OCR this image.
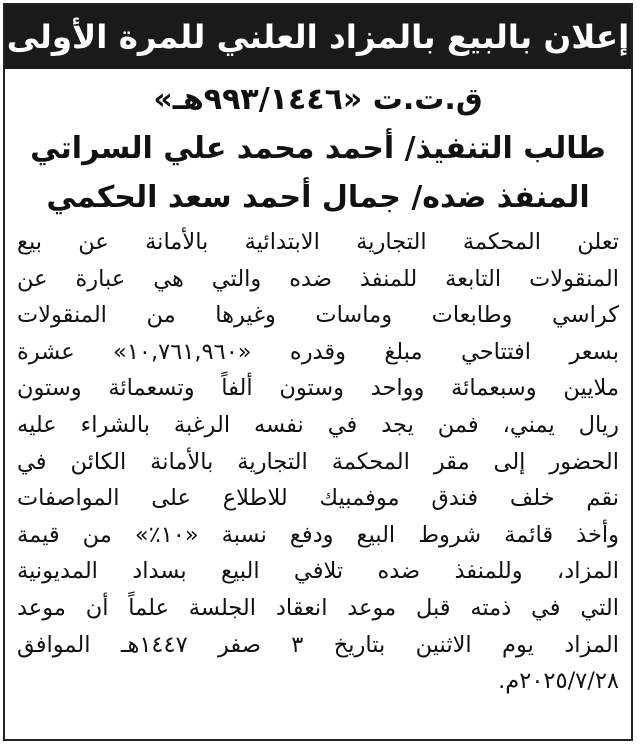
إعلان بالبيع بالمزاد العلني للمرة الأولى
ق.ت.ت «٩٩٣/١٤٤٦هـ»
طالب التنفيذ/ أحمد محمد علي السراتي
المنفذ ضده/ جمال أحمد سعد الحكمي
تعلن المحكمة التجارية الابتدائية بالأمانة عن بيع
المنقولات التابعة للمنفذ ضده والتي هي عبارة عن
كراسي وطابعات وماسات وغيرها من المنقولات
بسعر افتتاحي مبلغ وقدره «١٠,٧٦١,٩٦٠» عشرة
ملايين وسبعمائة وواحد وستون ألفاً وتسعمائة وستون
ريال يمني، فمن يجد في نفسه الرغبة بالشراء عليه
الحضور إلى مقر المحكمة التجارية بالأمانة الكائن في
نقم خلف فندق موفمبيك للاطلاع على المواصفات
وأخذ قائمة شروط البيع ودفع نسبة «١٠٪» من قيمة
المزاد، وللمنفذ ضده تلافي البيع بسداد المديونية
التي في ذمته قبل موعد انعقاد الجلسة علماً أن موعد
المزاد يوم الاثنين بتاريخ ٣ صفر ١٤٤٧هـ الموافق
٢٠٢٥/٧/٢٨م.
